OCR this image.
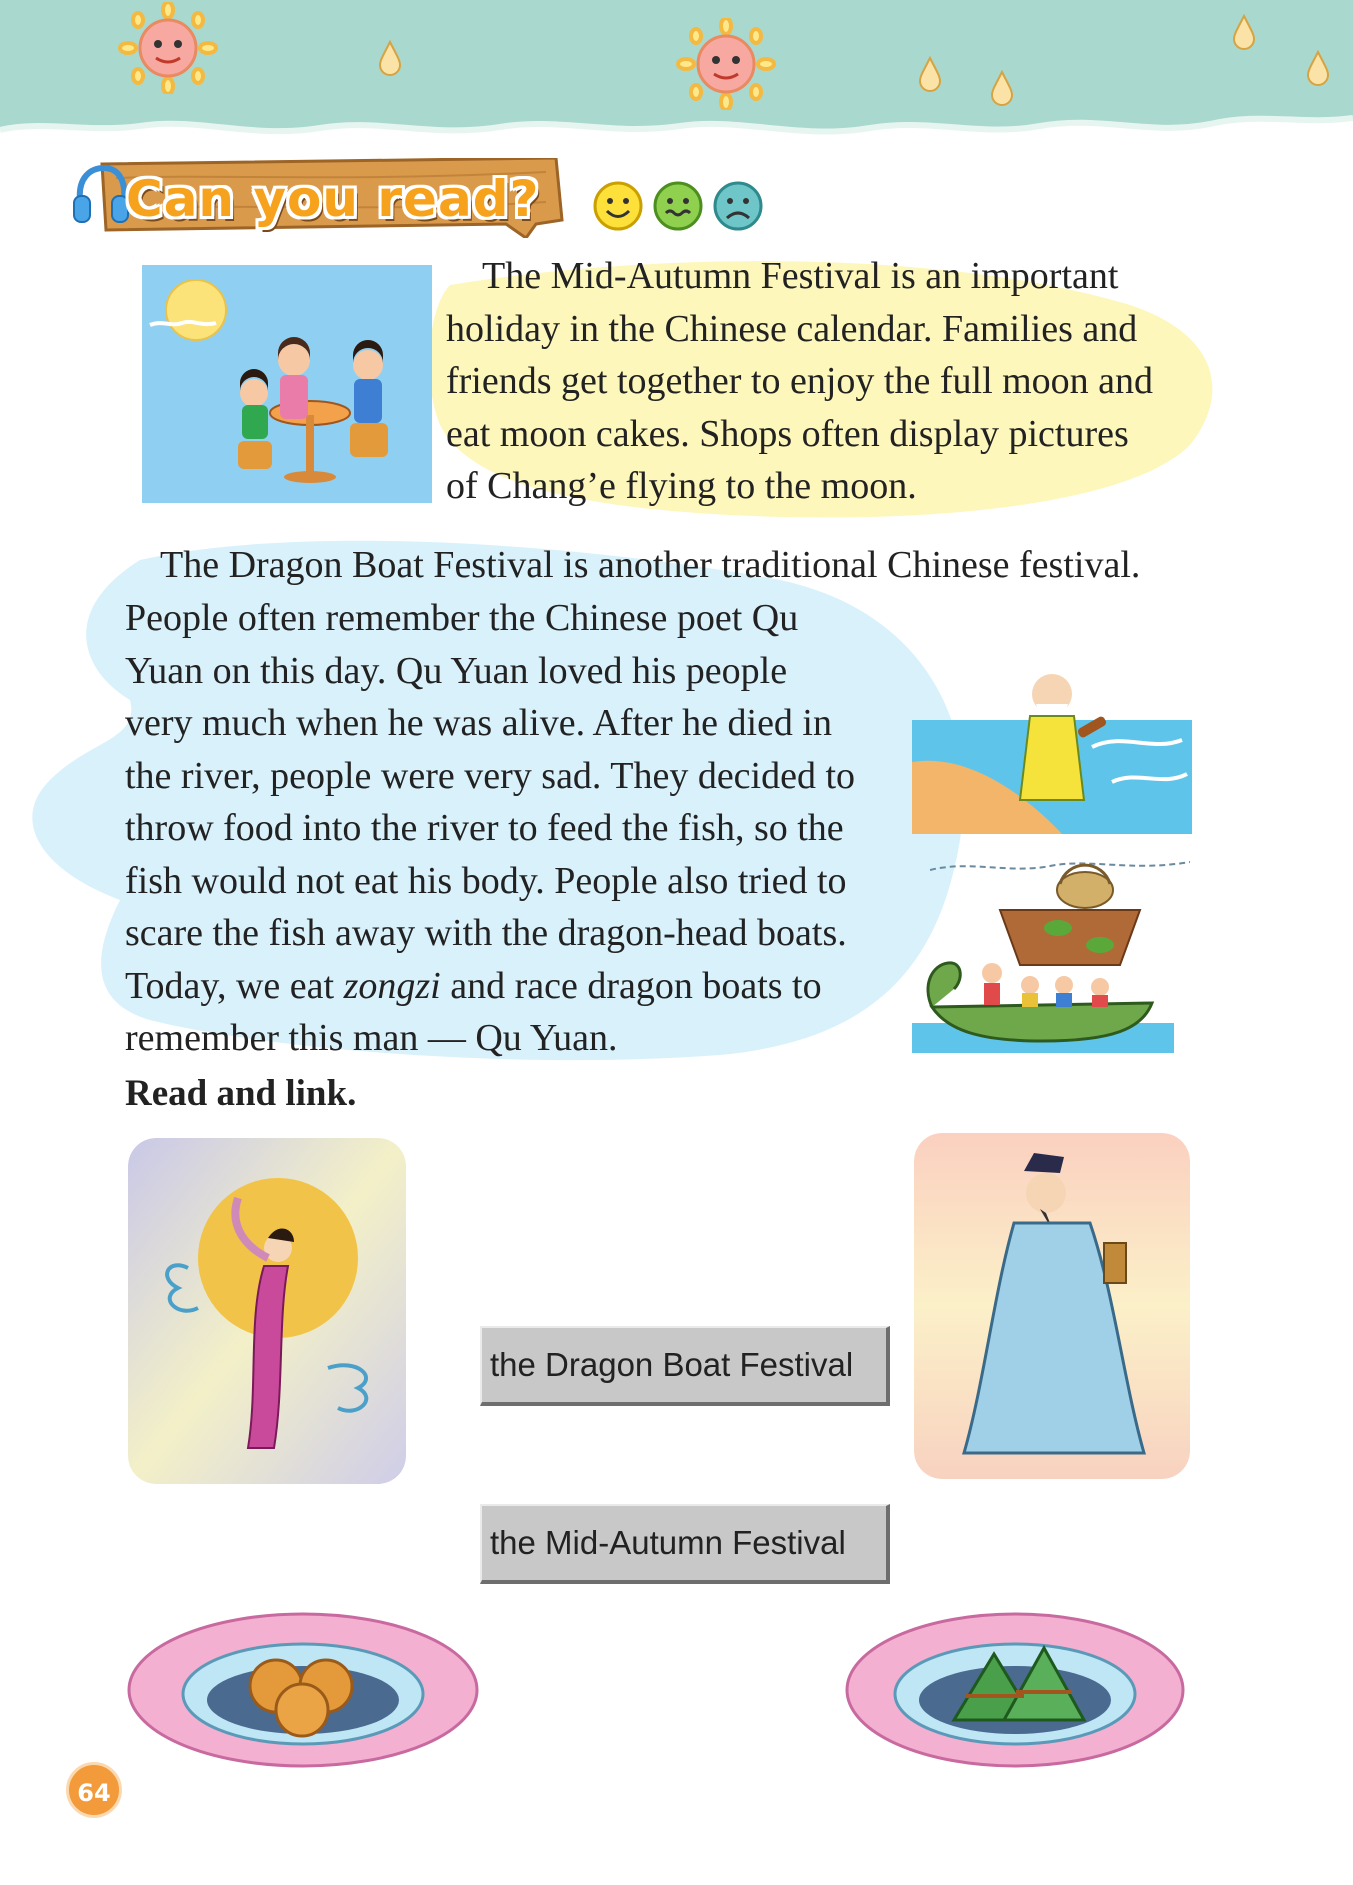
Can you read?

The Mid-Autumn Festival is an important

holiday in the Chinese calendar. Families and

friends get together to enjoy the full moon and

eat moon cakes. Shops often display pictures

of Chang’e flying to the moon.

The Dragon Boat Festival is another traditional Chinese festival.

People often remember the Chinese poet Qu

Yuan on this day. Qu Yuan loved his people

very much when he was alive. After he died in

the river, people were very sad. They decided to

throw food into the river to feed the fish, so the

fish would not eat his body. People also tried to

scare the fish away with the dragon-head boats.

Today, we eat zongzi and race dragon boats to

remember this man — Qu Yuan.

Read and link.
the Dragon Boat Festival
the Mid-Autumn Festival
64
